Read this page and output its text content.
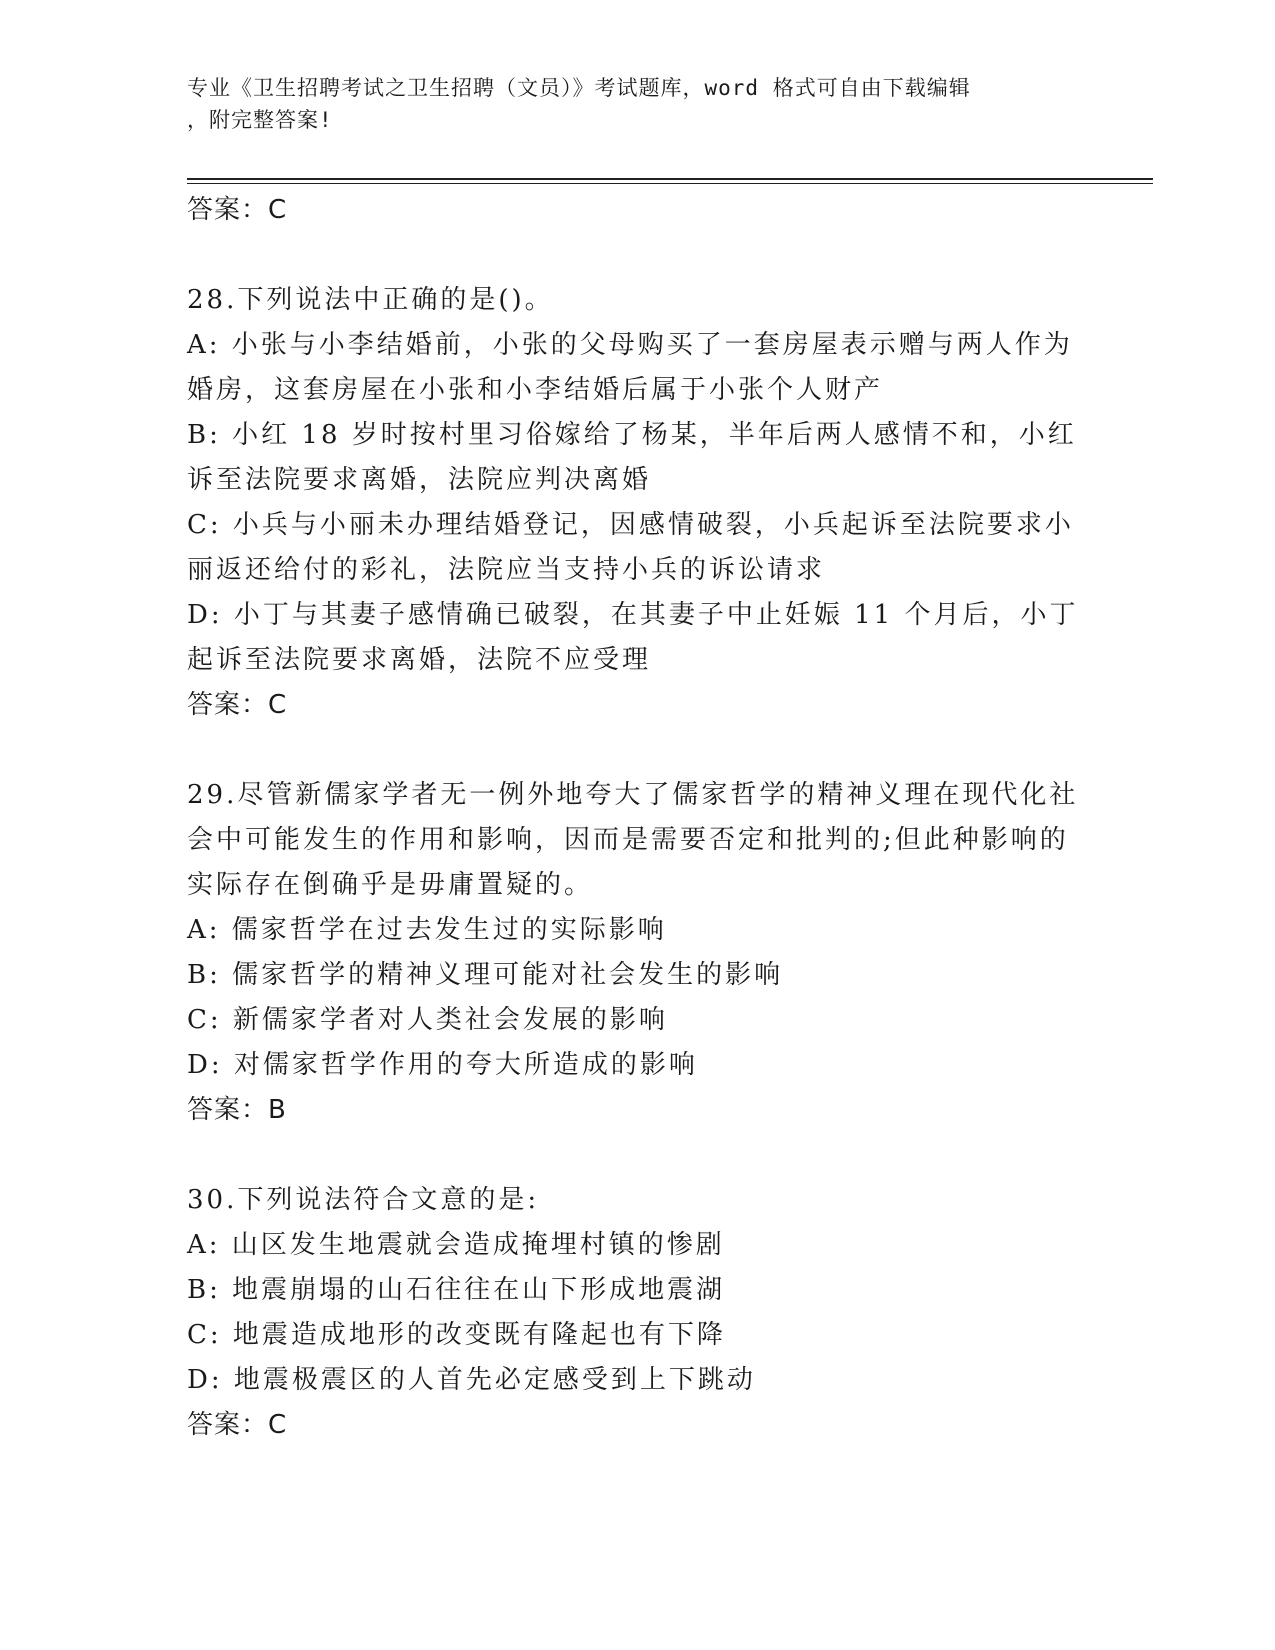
专业《卫生招聘考试之卫生招聘（文员）》考试题库，word 格式可自由下载编辑
，附完整答案!
答案：C
28.下列说法中正确的是()。
A: 小张与小李结婚前，小张的父母购买了一套房屋表示赠与两人作为
婚房，这套房屋在小张和小李结婚后属于小张个人财产
B: 小红 18 岁时按村里习俗嫁给了杨某，半年后两人感情不和，小红
诉至法院要求离婚，法院应判决离婚
C: 小兵与小丽未办理结婚登记，因感情破裂，小兵起诉至法院要求小
丽返还给付的彩礼，法院应当支持小兵的诉讼请求
D: 小丁与其妻子感情确已破裂，在其妻子中止妊娠 11 个月后，小丁
起诉至法院要求离婚，法院不应受理
答案：C
29.尽管新儒家学者无一例外地夸大了儒家哲学的精神义理在现代化社
会中可能发生的作用和影响，因而是需要否定和批判的;但此种影响的
实际存在倒确乎是毋庸置疑的。
A: 儒家哲学在过去发生过的实际影响
B: 儒家哲学的精神义理可能对社会发生的影响
C: 新儒家学者对人类社会发展的影响
D: 对儒家哲学作用的夸大所造成的影响
答案：B
30.下列说法符合文意的是:
A: 山区发生地震就会造成掩埋村镇的惨剧
B: 地震崩塌的山石往往在山下形成地震湖
C: 地震造成地形的改变既有隆起也有下降
D: 地震极震区的人首先必定感受到上下跳动
答案：C
